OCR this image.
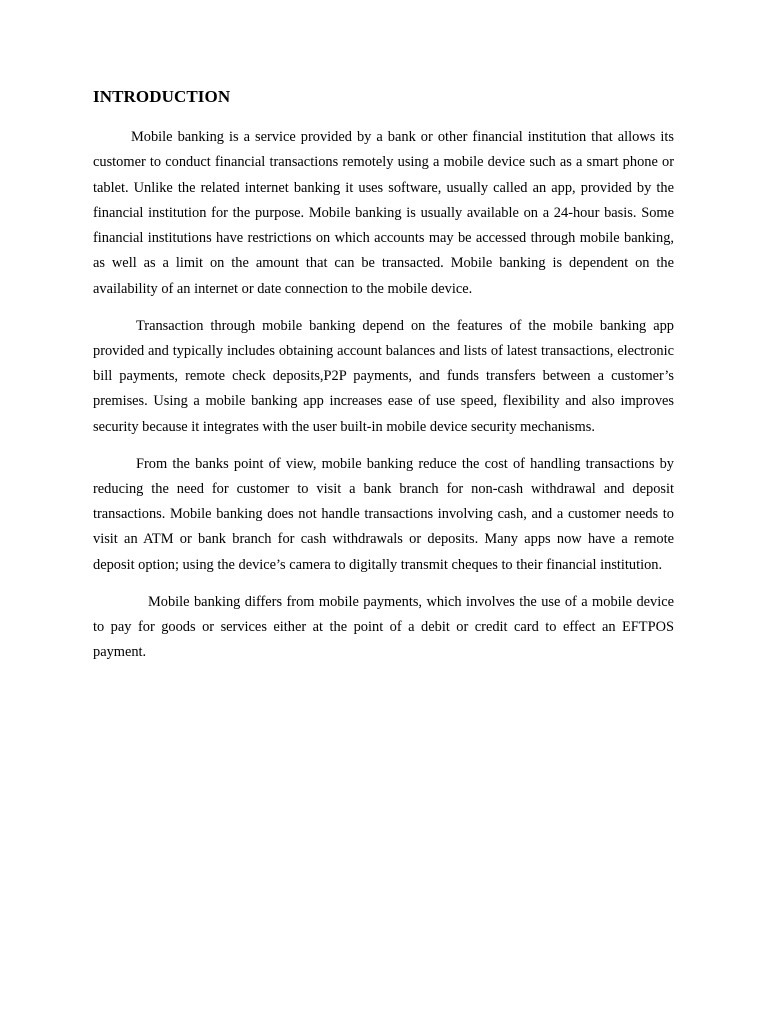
INTRODUCTION

Mobile banking is a service provided by a bank or other financial institution that allows its customer to conduct financial transactions remotely using a mobile device such as a smart phone or tablet. Unlike the related internet banking it uses software, usually called an app, provided by the financial institution for the purpose. Mobile banking is usually available on a 24-hour basis. Some financial institutions have restrictions on which accounts may be accessed through mobile banking, as well as a limit on the amount that can be transacted. Mobile banking is dependent on the availability of an internet or date connection to the mobile device.

Transaction through mobile banking depend on the features of the mobile banking app provided and typically includes obtaining account balances and lists of latest transactions, electronic bill payments, remote check deposits,P2P payments, and funds transfers between a customer’s premises. Using a mobile banking app increases ease of use speed, flexibility and also improves security because it integrates with the user built-in mobile device security mechanisms.

From the banks point of view, mobile banking reduce the cost of handling transactions by reducing the need for customer to visit a bank branch for non-cash withdrawal and deposit transactions. Mobile banking does not handle transactions involving cash, and a customer needs to visit an ATM or bank branch for cash withdrawals or deposits. Many apps now have a remote deposit option; using the device’s camera to digitally transmit cheques to their financial institution.

Mobile banking differs from mobile payments, which involves the use of a mobile device to pay for goods or services either at the point of a debit or credit card to effect an EFTPOS payment.
